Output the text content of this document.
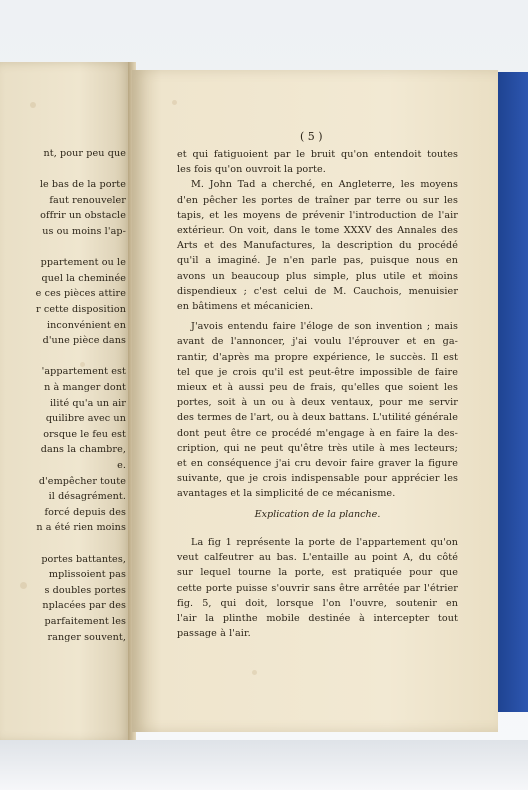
nt, pour peu que
le bas de la porte
faut renouveler
offrir un obstacle
us ou moins l'ap-
ppartement ou le
quel la cheminée
e ces pièces attire
r cette disposition
inconvénient en
d'une pièce dans
'appartement est
n à manger dont
ilité qu'a un air
quilibre avec un
orsque le feu est
dans la chambre,
e.
d'empêcher toute
il désagrément.
forcé depuis des
n a été rien moins
portes battantes,
mplissoient pas
s doubles portes
nplacées par des
parfaitement les
ranger souvent,
( 5 )
et qui fatiguoient par le bruit qu'on entendoit toutes
les fois qu'on ouvroit la porte.
M. John Tad a cherché, en Angleterre, les moyens
d'en pêcher les portes de traîner par terre ou sur les
tapis, et les moyens de prévenir l'introduction de l'air
extérieur. On voit, dans le tome XXXV des Annales des
Arts et des Manufactures, la description du procédé
qu'il a imaginé. Je n'en parle pas, puisque nous en
avons un beaucoup plus simple, plus utile et moins
dispendieux ; c'est celui de M. Cauchois, menuisier
en bâtimens et mécanicien.
J'avois entendu faire l'éloge de son invention ; mais
avant de l'annoncer, j'ai voulu l'éprouver et en ga-
rantir, d'après ma propre expérience, le succès. Il est
tel que je crois qu'il est peut-être impossible de faire
mieux et à aussi peu de frais, qu'elles que soient les
portes, soit à un ou à deux ventaux, pour me servir
des termes de l'art, ou à deux battans. L'utilité générale
dont peut être ce procédé m'engage à en faire la des-
cription, qui ne peut qu'être très utile à mes lecteurs;
et en conséquence j'ai cru devoir faire graver la figure
suivante, que je crois indispensable pour apprécier les
avantages et la simplicité de ce mécanisme.
Explication de la planche.
La fig 1 représente la porte de l'appartement qu'on
veut calfeutrer au bas. L'entaille au point A, du côté
sur lequel tourne la porte, est pratiquée pour que
cette porte puisse s'ouvrir sans être arrêtée par l'étrier
fig. 5, qui doit, lorsque l'on l'ouvre, soutenir en
l'air la plinthe mobile destinée à intercepter tout
passage à l'air.
